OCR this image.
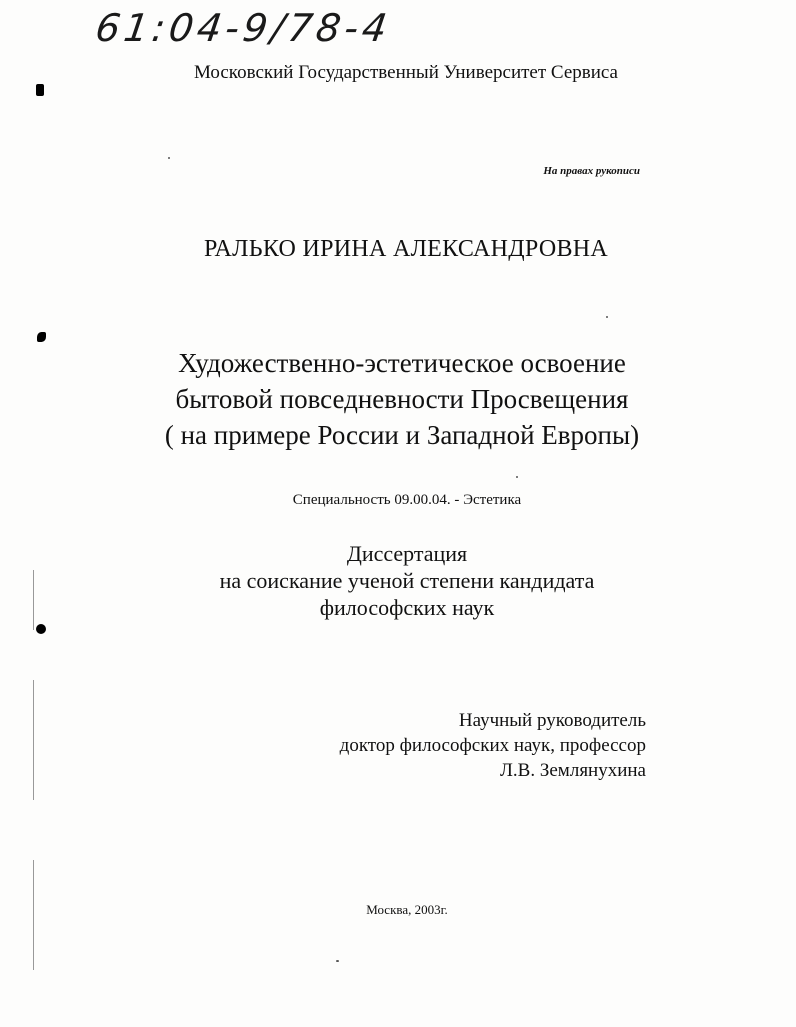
61:04-9/78-4
Московский Государственный Университет Сервиса
На правах рукописи
РАЛЬКО ИРИНА АЛЕКСАНДРОВНА
Художественно-эстетическое освоение
бытовой повседневности Просвещения
( на примере России и Западной Европы)
Специальность 09.00.04. - Эстетика
Диссертация
на соискание ученой степени кандидата
философских наук
Научный руководитель
доктор философских наук, профессор
Л.В. Землянухина
Москва, 2003г.
